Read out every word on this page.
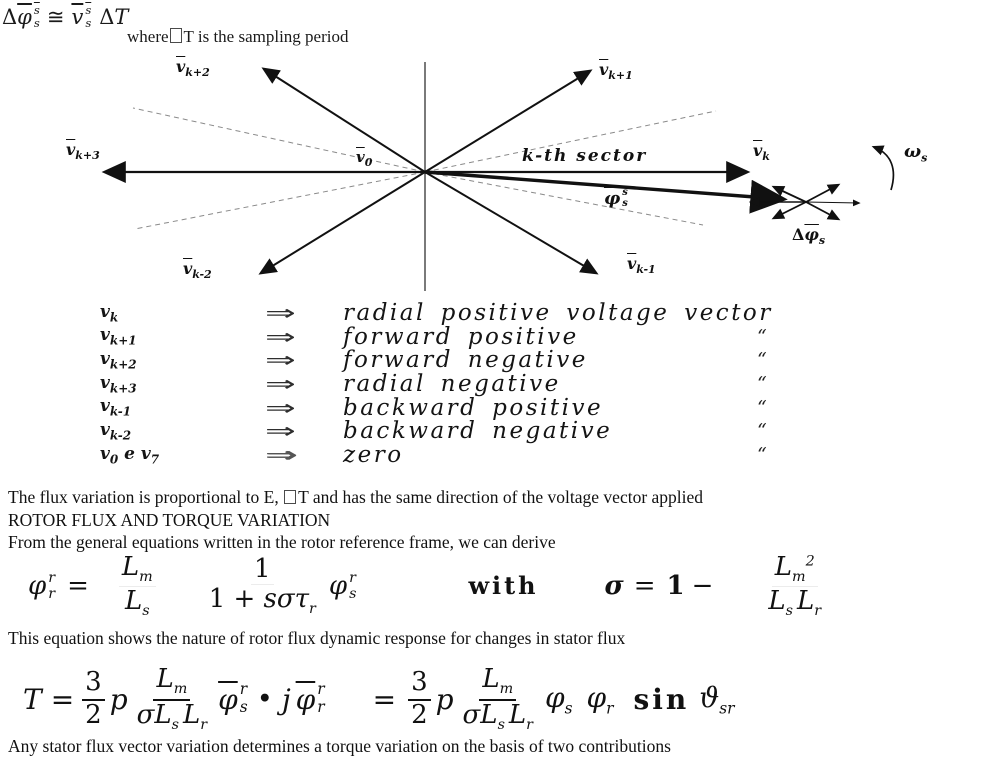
Δ $\overline{\varphi}$ $\overline{s}$
s ≅ $\overline{v}$ $\overline{s}$
s Δ T
where T is the sampling period
$\overline{v}_{k+2}$	$\overline{v}_{k+1}$
$\overline{v}_{k+3}$	$\overline{v}_k$
$\overline{v}_0$
$\overline{v}_{k-2}$
$\overline{v}_{k-1}$
k-th sector
$\overline{\varphi}$ s
s
$\Delta\overline{\varphi}_s$
$\omega_s$
$v_k$	⇒	radial positive voltage vector
$v_{k+1}$	⇒	forward positive	“
$v_{k+2}$	⇒	forward negative	“
$v_{k+3}$	⇒	radial negative	“
$v_{k-1}$	⇒	backward positive	“
$v_{k-2}$	⇒	backward negative	“
$v_0$ e $v_7$	⇒	zero	“
The flux variation is proportional to E, T and has the same direction of the voltage vector applied
ROTOR FLUX AND TORQUE VARIATION
From the general equations written in the rotor reference frame, we can derive
φ r
$r = \frac{L_m}{L_s} \frac{1}{1 + s\sigma\tau_r}$ φ r
s	with	$\sigma = 1 - \frac{L_m^2}{L_s L_r}$
This equation shows the nature of rotor flux dynamic response for changes in stator flux
$T = \frac{3}{2}$ p $\frac{L_m}{\sigma L_s L_r} \overline{\varphi}$ r
s • j $\overline{\varphi}$ r
$r = \frac{3}{2}$ p $\frac{L_m}{\sigma L_s L_r} \varphi_s$ $\varphi_r$ $\sin ϑ_{sr}$
Any stator flux vector variation determines a torque variation on the basis of two contributions
